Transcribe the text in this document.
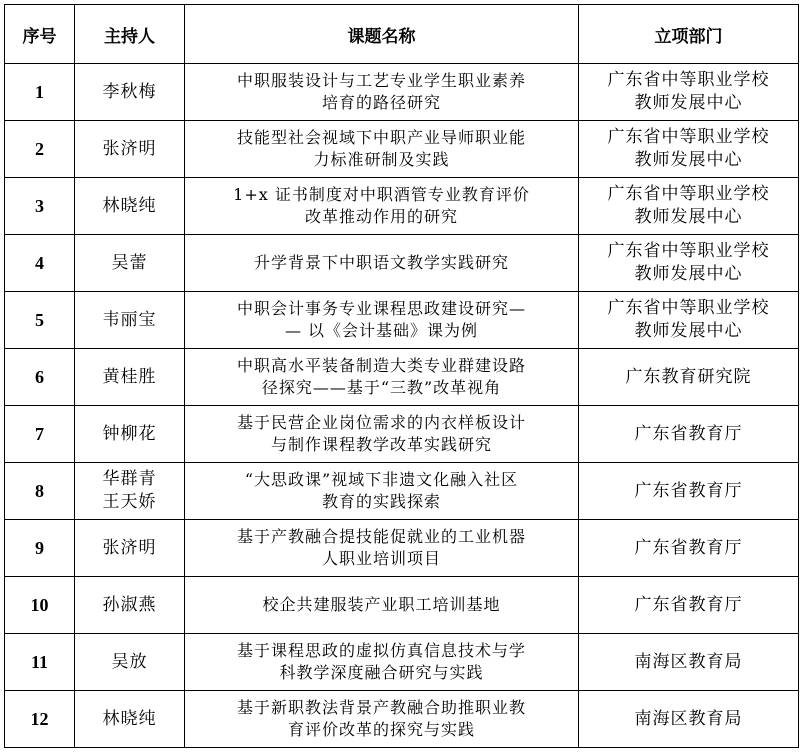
序号	主持人	课题名称	立项部门
1	李秋梅	中职服装设计与工艺专业学生职业素养
培育的路径研究	广东省中等职业学校
教师发展中心

2	张济明	技能型社会视域下中职产业导师职业能
力标准研制及实践	广东省中等职业学校
教师发展中心

3	林晓纯	1+x 证书制度对中职酒管专业教育评价
改革推动作用的研究	广东省中等职业学校
教师发展中心

4	吴蕾	升学背景下中职语文教学实践研究	广东省中等职业学校
教师发展中心

5	韦丽宝	中职会计事务专业课程思政建设研究—
— 以《会计基础》课为例	广东省中等职业学校
教师发展中心

6	黄桂胜	中职高水平装备制造大类专业群建设路
径探究——基于“三教”改革视角	广东教育研究院

7	钟柳花	基于民营企业岗位需求的内衣样板设计
与制作课程教学改革实践研究	广东省教育厅

8	华群青
王天娇	“大思政课”视域下非遗文化融入社区
教育的实践探索	广东省教育厅

9	张济明	基于产教融合提技能促就业的工业机器
人职业培训项目	广东省教育厅

10	孙淑燕	校企共建服装产业职工培训基地	广东省教育厅

11	吴放	基于课程思政的虚拟仿真信息技术与学
科教学深度融合研究与实践	南海区教育局

12	林晓纯	基于新职教法背景产教融合助推职业教
育评价改革的探究与实践	南海区教育局
